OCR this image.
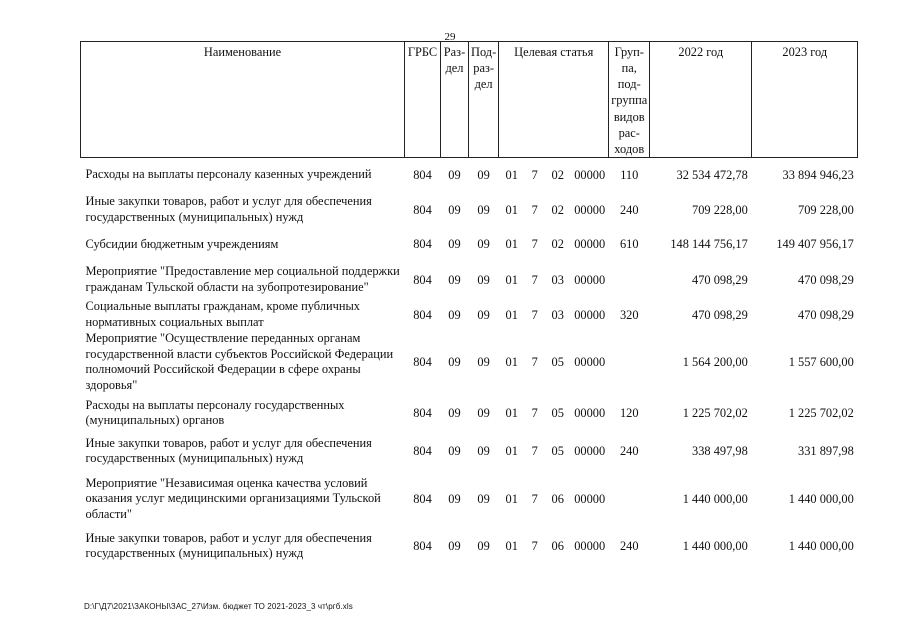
29
Наименование	ГРБС	Раз-дел	Под-раз-дел	Целевая статья				Груп-па, под-группа видов рас-ходов	2022 год	2023 год
Расходы на выплаты персоналу казенных учреждений	804	09	09	01	7	02	00000	110	32 534 472,78	33 894 946,23
Иные закупки товаров, работ и услуг для обеспечения государственных (муниципальных) нужд	804	09	09	01	7	02	00000	240	709 228,00	709 228,00
Субсидии бюджетным учреждениям	804	09	09	01	7	02	00000	610	148 144 756,17	149 407 956,17
Мероприятие "Предоставление мер социальной поддержки гражданам Тульской области на зубопротезирование"	804	09	09	01	7	03	00000		470 098,29	470 098,29
Социальные выплаты гражданам, кроме публичных нормативных социальных выплат	804	09	09	01	7	03	00000	320	470 098,29	470 098,29
Мероприятие "Осуществление переданных органам государственной власти субъектов Российской Федерации полномочий Российской Федерации в сфере охраны здоровья"	804	09	09	01	7	05	00000		1 564 200,00	1 557 600,00
Расходы на выплаты персоналу государственных (муниципальных) органов	804	09	09	01	7	05	00000	120	1 225 702,02	1 225 702,02
Иные закупки товаров, работ и услуг для обеспечения государственных (муниципальных) нужд	804	09	09	01	7	05	00000	240	338 497,98	331 897,98
Мероприятие "Независимая оценка качества условий оказания услуг медицинскими организациями Тульской области"	804	09	09	01	7	06	00000		1 440 000,00	1 440 000,00
Иные закупки товаров, работ и услуг для обеспечения государственных (муниципальных) нужд	804	09	09	01	7	06	00000	240	1 440 000,00	1 440 000,00
D:\Г\Д7\2021\ЗАКОНЫ\ЗАС_27\Изм. бюджет ТО 2021-2023_3 чт\ргб.xls
